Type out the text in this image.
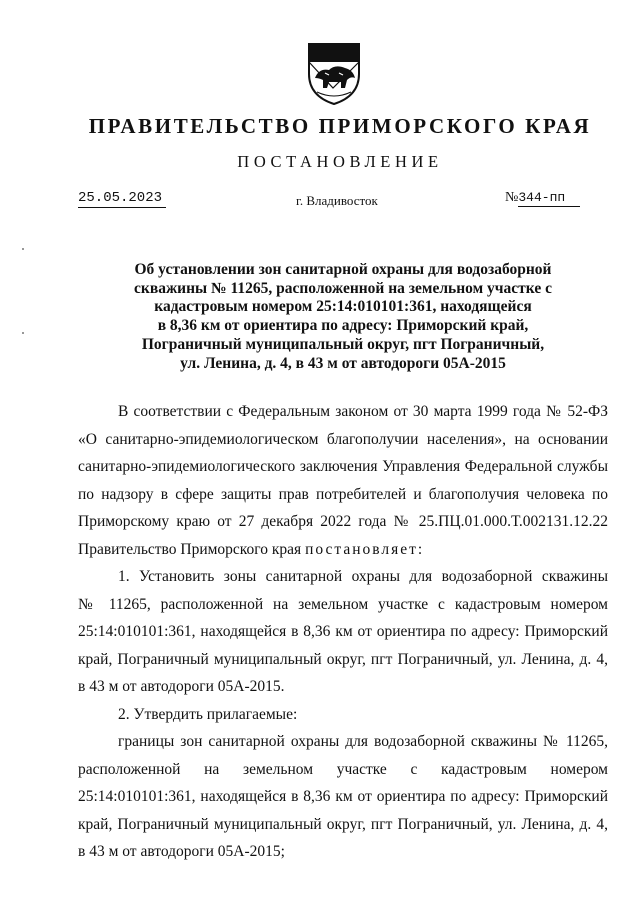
ПРАВИТЕЛЬСТВО ПРИМОРСКОГО КРАЯ
ПОСТАНОВЛЕНИЕ
25.05.2023	г. Владивосток	№344-пп

Об установлении зон санитарной охраны для водозаборной
скважины № 11265, расположенной на земельном участке с
кадастровым номером 25:14:010101:361, находящейся
в 8,36 км от ориентира по адресу: Приморский край,
Пограничный муниципальный округ, пгт Пограничный,
ул. Ленина, д. 4, в 43 м от автодороги 05А-2015

В соответствии с Федеральным законом от 30 марта 1999 года № 52-ФЗ
«О санитарно-эпидемиологическом благополучии населения», на основании
санитарно-эпидемиологического заключения Управления Федеральной службы
по надзору в сфере защиты прав потребителей и благополучия человека по
Приморскому краю от 27 декабря 2022 года № 25.ПЦ.01.000.Т.002131.12.22
Правительство Приморского края постановляет:
1. Установить зоны санитарной охраны для водозаборной скважины
№ 11265, расположенной на земельном участке с кадастровым номером
25:14:010101:361, находящейся в 8,36 км от ориентира по адресу: Приморский
край, Пограничный муниципальный округ, пгт Пограничный, ул. Ленина, д. 4,
в 43 м от автодороги 05А-2015.
2. Утвердить прилагаемые:
границы зон санитарной охраны для водозаборной скважины № 11265,
расположенной на земельном участке с кадастровым номером
25:14:010101:361, находящейся в 8,36 км от ориентира по адресу: Приморский
край, Пограничный муниципальный округ, пгт Пограничный, ул. Ленина, д. 4,
в 43 м от автодороги 05А-2015;
